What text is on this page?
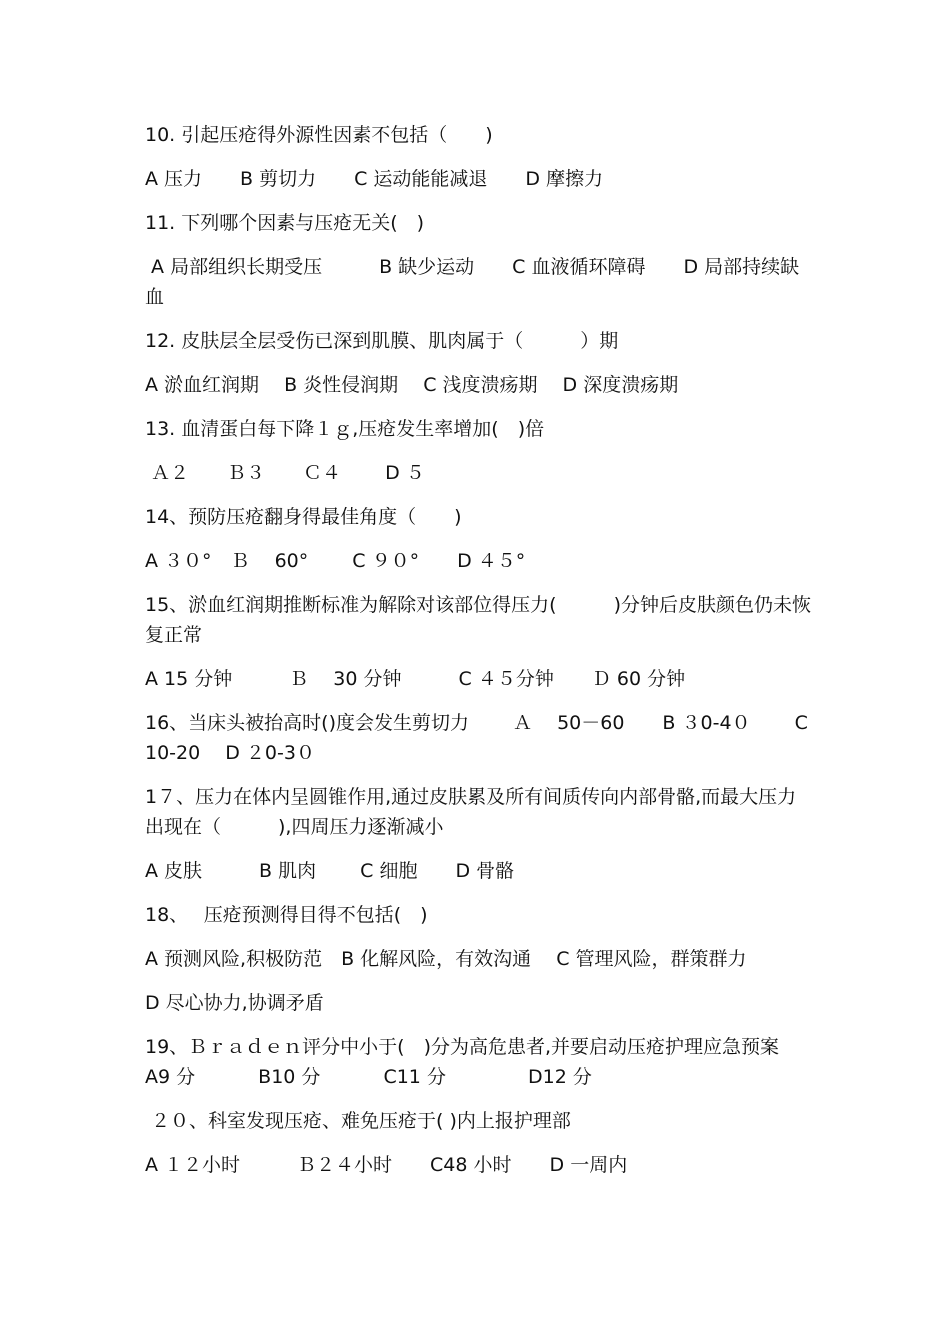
10. 引起压疮得外源性因素不包括（　　)
A 压力　　B 剪切力　　C 运动能能减退　　D 摩擦力
11. 下列哪个因素与压疮无关(　)
A 局部组织长期受压　　　B 缺少运动　　C 血液循环障碍　　D 局部持续缺血
12. 皮肤层全层受伤已深到肌膜、肌肉属于（　　　）期
A 淤血红润期　 B 炎性侵润期　 C 浅度溃疡期　 D 深度溃疡期
13. 血清蛋白每下降１ｇ,压疮发生率增加(　)倍
Ａ２　　Ｂ３　　Ｃ４　　 D ５
14、预防压疮翻身得最佳角度（　　)
A ３０°　Ｂ　 60°　　 C ９０°　　D ４５°
15、淤血红润期推断标准为解除对该部位得压力(　　　)分钟后皮肤颜色仍未恢复正常
A 15 分钟　　　Ｂ　 30 分钟　　　C ４５分钟　　Ｄ 60 分钟
16、当床头被抬高时()度会发生剪切力　　 Ａ　 50－60　　B ３0-4０　　 C 10-20　 D ２0-3０
1７、压力在体内呈圆锥作用,通过皮肤累及所有间质传向内部骨骼,而最大压力出现在（　　　),四周压力逐渐减小
A 皮肤　　　B 肌肉　　 C 细胞　　D 骨骼
18、　 压疮预测得目得不包括(　)
A 预测风险,积极防范　B 化解风险，有效沟通　 C 管理风险，群策群力
D 尽心协力,协调矛盾
19、Ｂｒａｄｅｎ评分中小于(　)分为高危患者,并要启动压疮护理应急预案　　　A9 分　　　 B10 分　　　 C11 分　　　　 D12 分
２０、科室发现压疮、难免压疮于( )内上报护理部
A １２小时　　　Ｂ２４小时　　C48 小时　　D 一周内
